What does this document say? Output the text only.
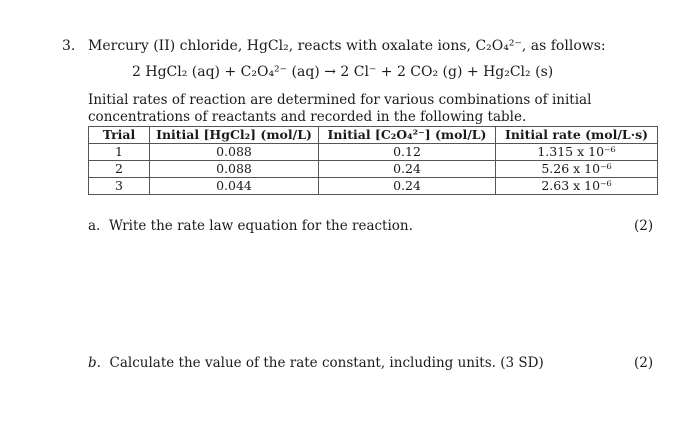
3. Mercury (II) chloride, HgCl₂, reacts with oxalate ions, C₂O₄²⁻, as follows:
2 HgCl₂ (aq) + C₂O₄²⁻ (aq) → 2 Cl⁻ + 2 CO₂ (g) + Hg₂Cl₂ (s)
Initial rates of reaction are determined for various combinations of initial concentrations of reactants and recorded in the following table.
Trial	Initial [HgCl₂] (mol/L)	Initial [C₂O₄²⁻] (mol/L)	Initial rate (mol/L·s)
1	0.088	0.12	1.315 x 10⁻⁶
2	0.088	0.24	5.26 x 10⁻⁶
3	0.044	0.24	2.63 x 10⁻⁶
a. Write the rate law equation for the reaction.	(2)
b. Calculate the value of the rate constant, including units. (3 SD)	(2)
